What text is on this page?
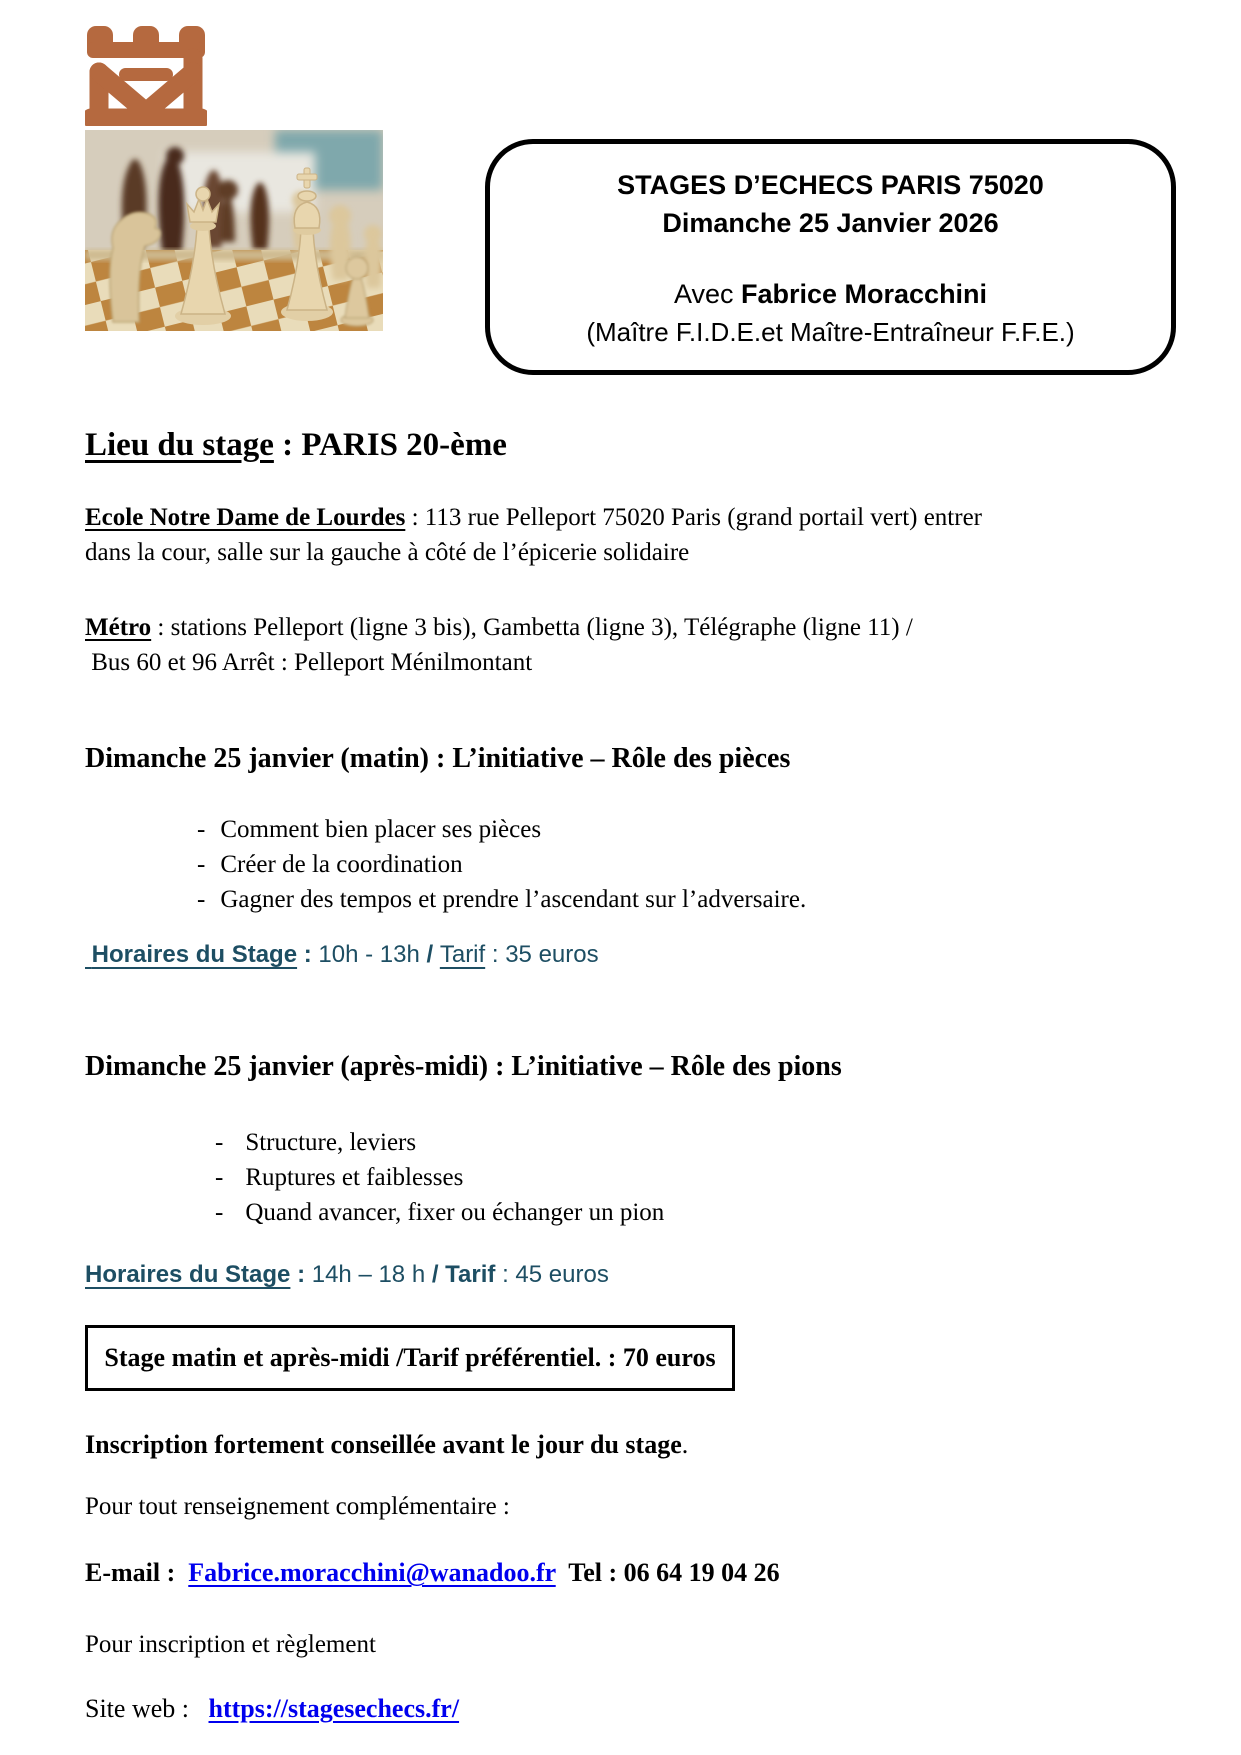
STAGES D’ECHECS PARIS 75020
Dimanche 25 Janvier 2026
Avec Fabrice Moracchini
(Maître F.I.D.E.et Maître-Entraîneur F.F.E.)
Lieu du stage : PARIS 20-ème

Ecole Notre Dame de Lourdes : 113 rue Pelleport 75020 Paris (grand portail vert) entrer
dans la cour, salle sur la gauche à côté de l’épicerie solidaire

Métro : stations Pelleport (ligne 3 bis), Gambetta (ligne 3), Télégraphe (ligne 11) /
Bus 60 et 96 Arrêt : Pelleport Ménilmontant

Dimanche 25 janvier (matin) : L’initiative – Rôle des pièces
- Comment bien placer ses pièces
- Créer de la coordination
- Gagner des tempos et prendre l’ascendant sur l’adversaire.
Horaires du Stage : 10h - 13h / Tarif : 35 euros
Dimanche 25 janvier (après-midi) : L’initiative – Rôle des pions
- Structure, leviers
- Ruptures et faiblesses
- Quand avancer, fixer ou échanger un pion
Horaires du Stage : 14h – 18 h / Tarif : 45 euros
Stage matin et après-midi /Tarif préférentiel. : 70 euros

Inscription fortement conseillée avant le jour du stage.

Pour tout renseignement complémentaire :

E-mail :  Fabrice.moracchini@wanadoo.fr  Tel : 06 64 19 04 26

Pour inscription et règlement

Site web :   https://stagesechecs.fr/
